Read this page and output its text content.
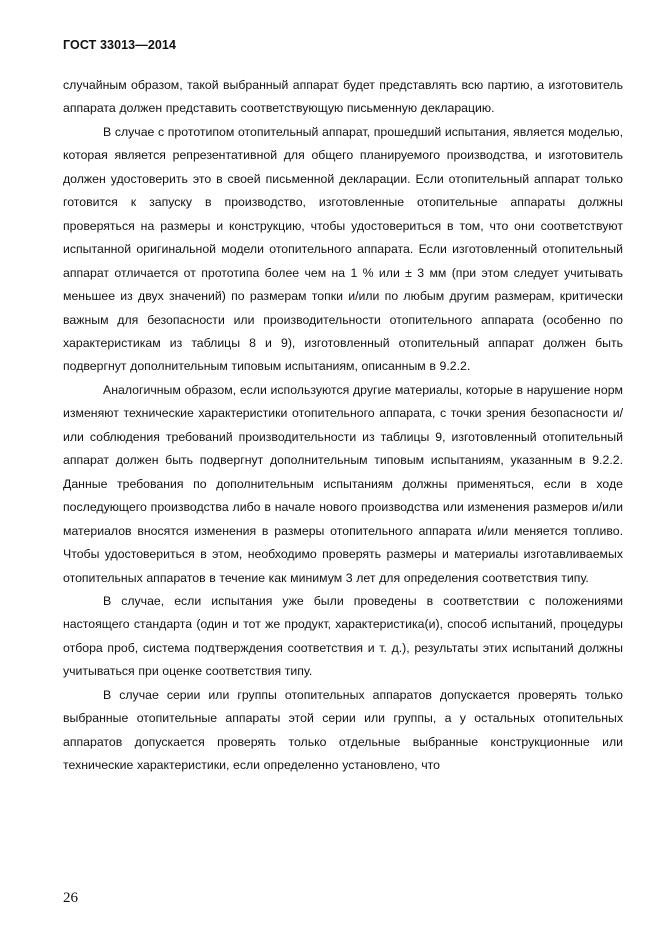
ГОСТ 33013—2014

случайным образом, такой выбранный аппарат будет представлять всю партию, а изготовитель аппарата должен представить соответствующую письменную декларацию.

В случае с прототипом отопительный аппарат, прошедший испытания, является моделью, которая является репрезентативной для общего планируемого производства, и изготовитель должен удостоверить это в своей письменной декларации. Если отопительный аппарат только готовится к запуску в производство, изготовленные отопительные аппараты должны проверяться на размеры и конструкцию, чтобы удостовериться в том, что они соответствуют испытанной оригинальной модели отопительного аппарата. Если изготовленный отопительный аппарат отличается от прототипа более чем на 1 % или ± 3 мм (при этом следует учитывать меньшее из двух значений) по размерам топки и/или по любым другим размерам, критически важным для безопасности или производительности отопительного аппарата (особенно по характеристикам из таблицы 8 и 9), изготовленный отопительный аппарат должен быть подвергнут дополнительным типовым испытаниям, описанным в 9.2.2.

Аналогичным образом, если используются другие материалы, которые в нарушение норм изменяют технические характеристики отопительного аппарата, с точки зрения безопасности и/или соблюдения требований производительности из таблицы 9, изготовленный отопительный аппарат должен быть подвергнут дополнительным типовым испытаниям, указанным в 9.2.2. Данные требования по дополнительным испытаниям должны применяться, если в ходе последующего производства либо в начале нового производства или изменения размеров и/или материалов вносятся изменения в размеры отопительного аппарата и/или меняется топливо. Чтобы удостовериться в этом, необходимо проверять размеры и материалы изготавливаемых отопительных аппаратов в течение как минимум 3 лет для определения соответствия типу.

В случае, если испытания уже были проведены в соответствии с положениями настоящего стандарта (один и тот же продукт, характеристика(и), способ испытаний, процедуры отбора проб, система подтверждения соответствия и т. д.), результаты этих испытаний должны учитываться при оценке соответствия типу.

В случае серии или группы отопительных аппаратов допускается проверять только выбранные отопительные аппараты этой серии или группы, а у остальных отопительных аппаратов допускается проверять только отдельные выбранные конструкционные или технические характеристики, если определенно установлено, что

26
